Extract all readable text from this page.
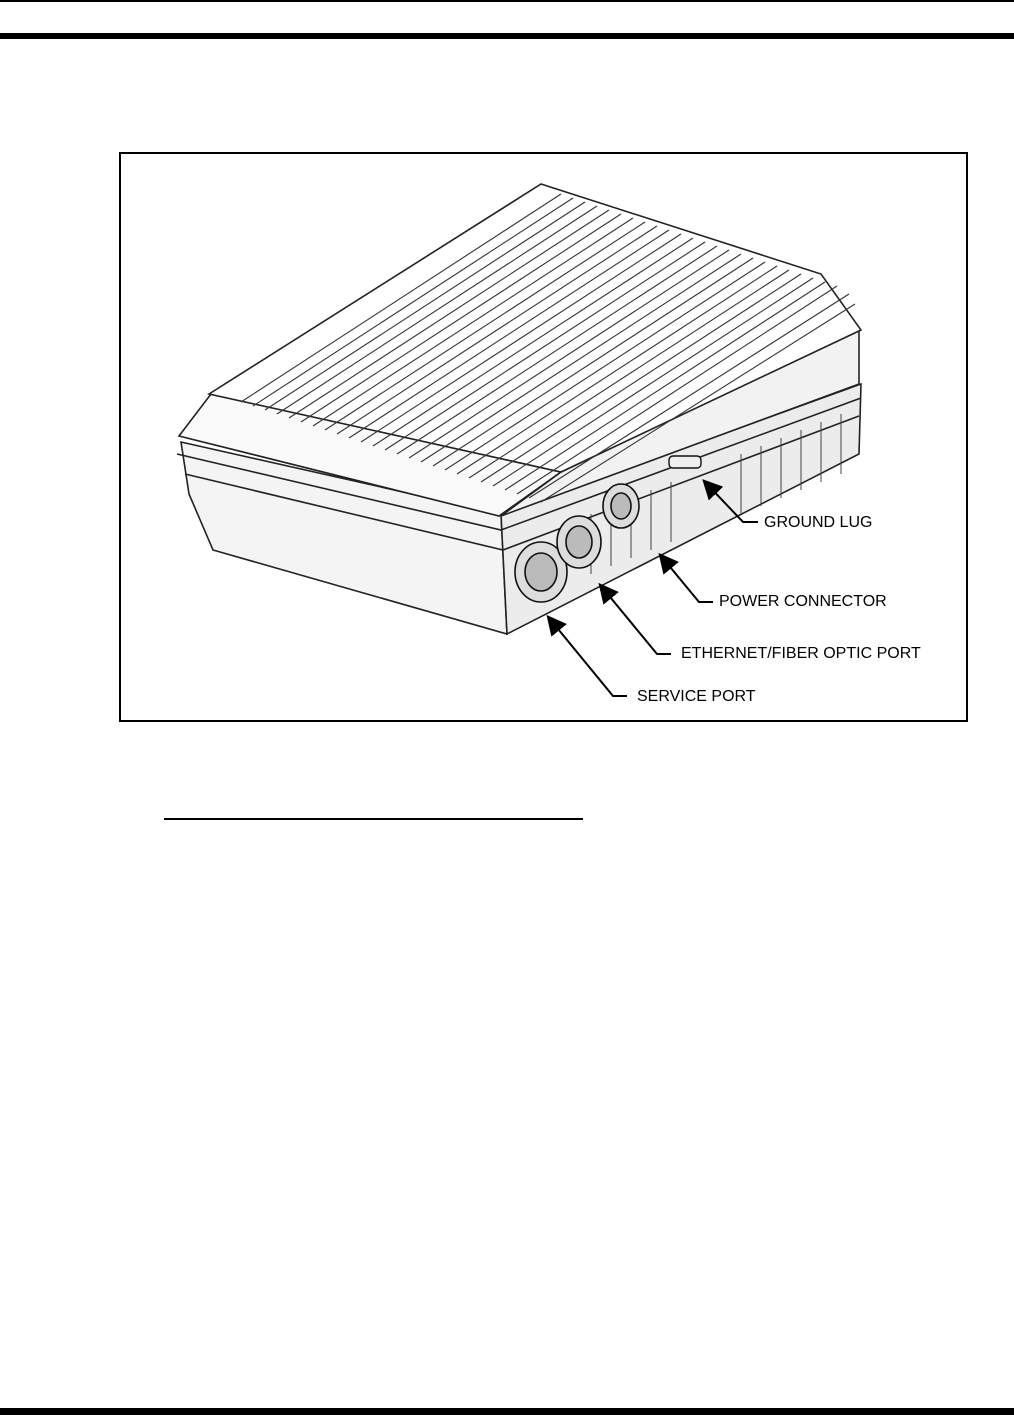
GROUND LUG
POWER CONNECTOR
ETHERNET/FIBER OPTIC PORT
SERVICE PORT
